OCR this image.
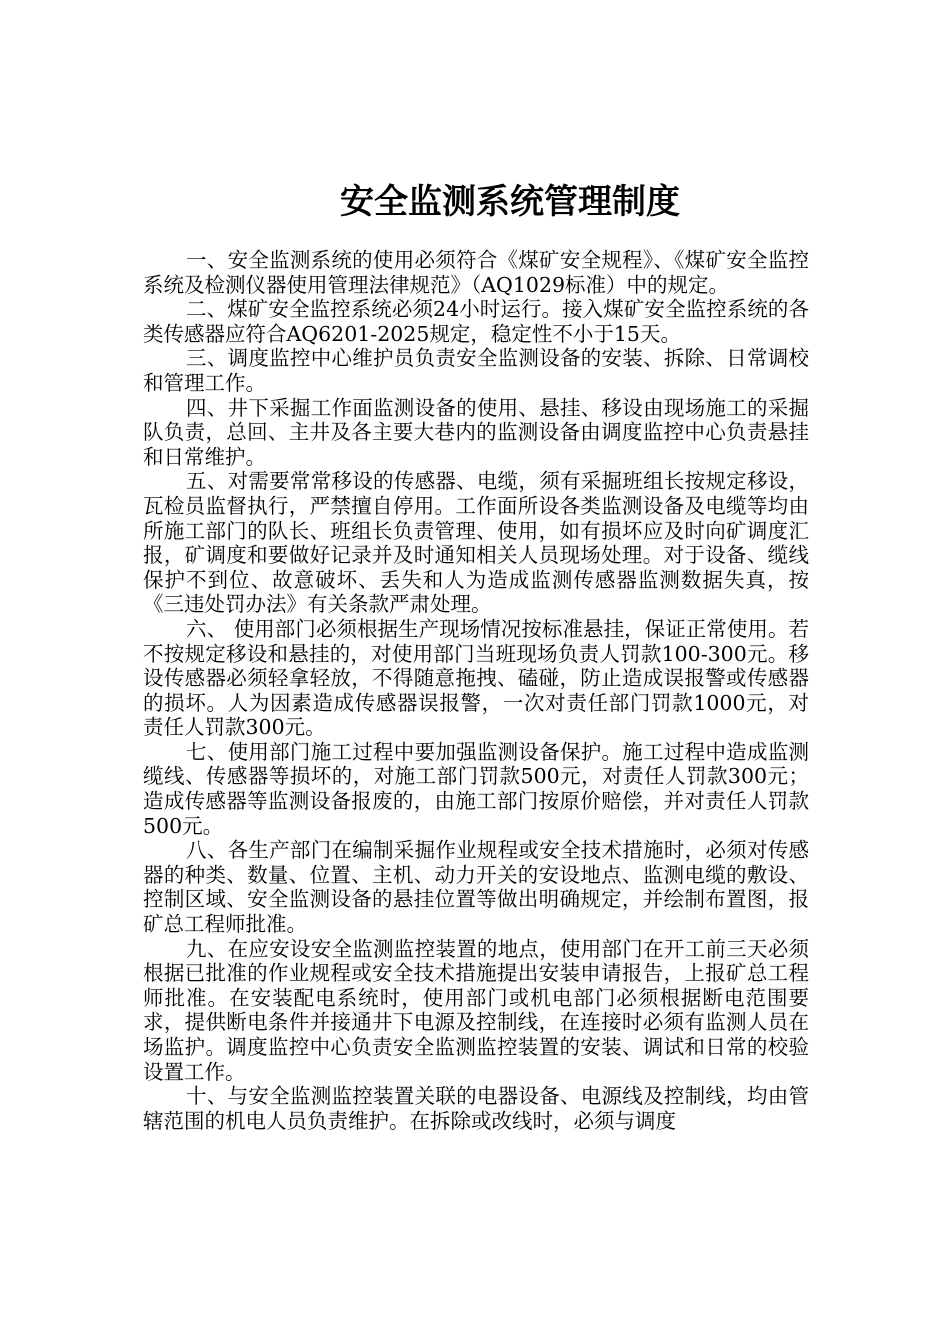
安全监测系统管理制度

一、安全监测系统的使用必须符合《煤矿安全规程》、《煤矿安全监控系统及检测仪器使用管理法律规范》（AQ1029标准）中的规定。

二、煤矿安全监控系统必须24小时运行。接入煤矿安全监控系统的各类传感器应符合AQ6201-2025规定，稳定性不小于15天。

三、调度监控中心维护员负责安全监测设备的安装、拆除、日常调校和管理工作。

四、井下采掘工作面监测设备的使用、悬挂、移设由现场施工的采掘队负责，总回、主井及各主要大巷内的监测设备由调度监控中心负责悬挂和日常维护。

五、对需要常常移设的传感器、电缆，须有采掘班组长按规定移设，瓦检员监督执行，严禁擅自停用。工作面所设各类监测设备及电缆等均由所施工部门的队长、班组长负责管理、使用，如有损坏应及时向矿调度汇报，矿调度和要做好记录并及时通知相关人员现场处理。对于设备、缆线保护不到位、故意破坏、丢失和人为造成监测传感器监测数据失真，按《三违处罚办法》有关条款严肃处理。

六、 使用部门必须根据生产现场情况按标准悬挂，保证正常使用。若不按规定移设和悬挂的，对使用部门当班现场负责人罚款100-300元。移设传感器必须轻拿轻放，不得随意拖拽、磕碰，防止造成误报警或传感器的损坏。人为因素造成传感器误报警，一次对责任部门罚款1000元，对责任人罚款300元。

七、使用部门施工过程中要加强监测设备保护。施工过程中造成监测缆线、传感器等损坏的，对施工部门罚款500元，对责任人罚款300元；造成传感器等监测设备报废的，由施工部门按原价赔偿，并对责任人罚款500元。

八、各生产部门在编制采掘作业规程或安全技术措施时，必须对传感器的种类、数量、位置、主机、动力开关的安设地点、监测电缆的敷设、控制区域、安全监测设备的悬挂位置等做出明确规定，并绘制布置图，报矿总工程师批准。

九、在应安设安全监测监控装置的地点，使用部门在开工前三天必须根据已批准的作业规程或安全技术措施提出安装申请报告，上报矿总工程师批准。在安装配电系统时，使用部门或机电部门必须根据断电范围要求，提供断电条件并接通井下电源及控制线，在连接时必须有监测人员在场监护。调度监控中心负责安全监测监控装置的安装、调试和日常的校验设置工作。

十、与安全监测监控装置关联的电器设备、电源线及控制线，均由管辖范围的机电人员负责维护。在拆除或改线时，必须与调度
